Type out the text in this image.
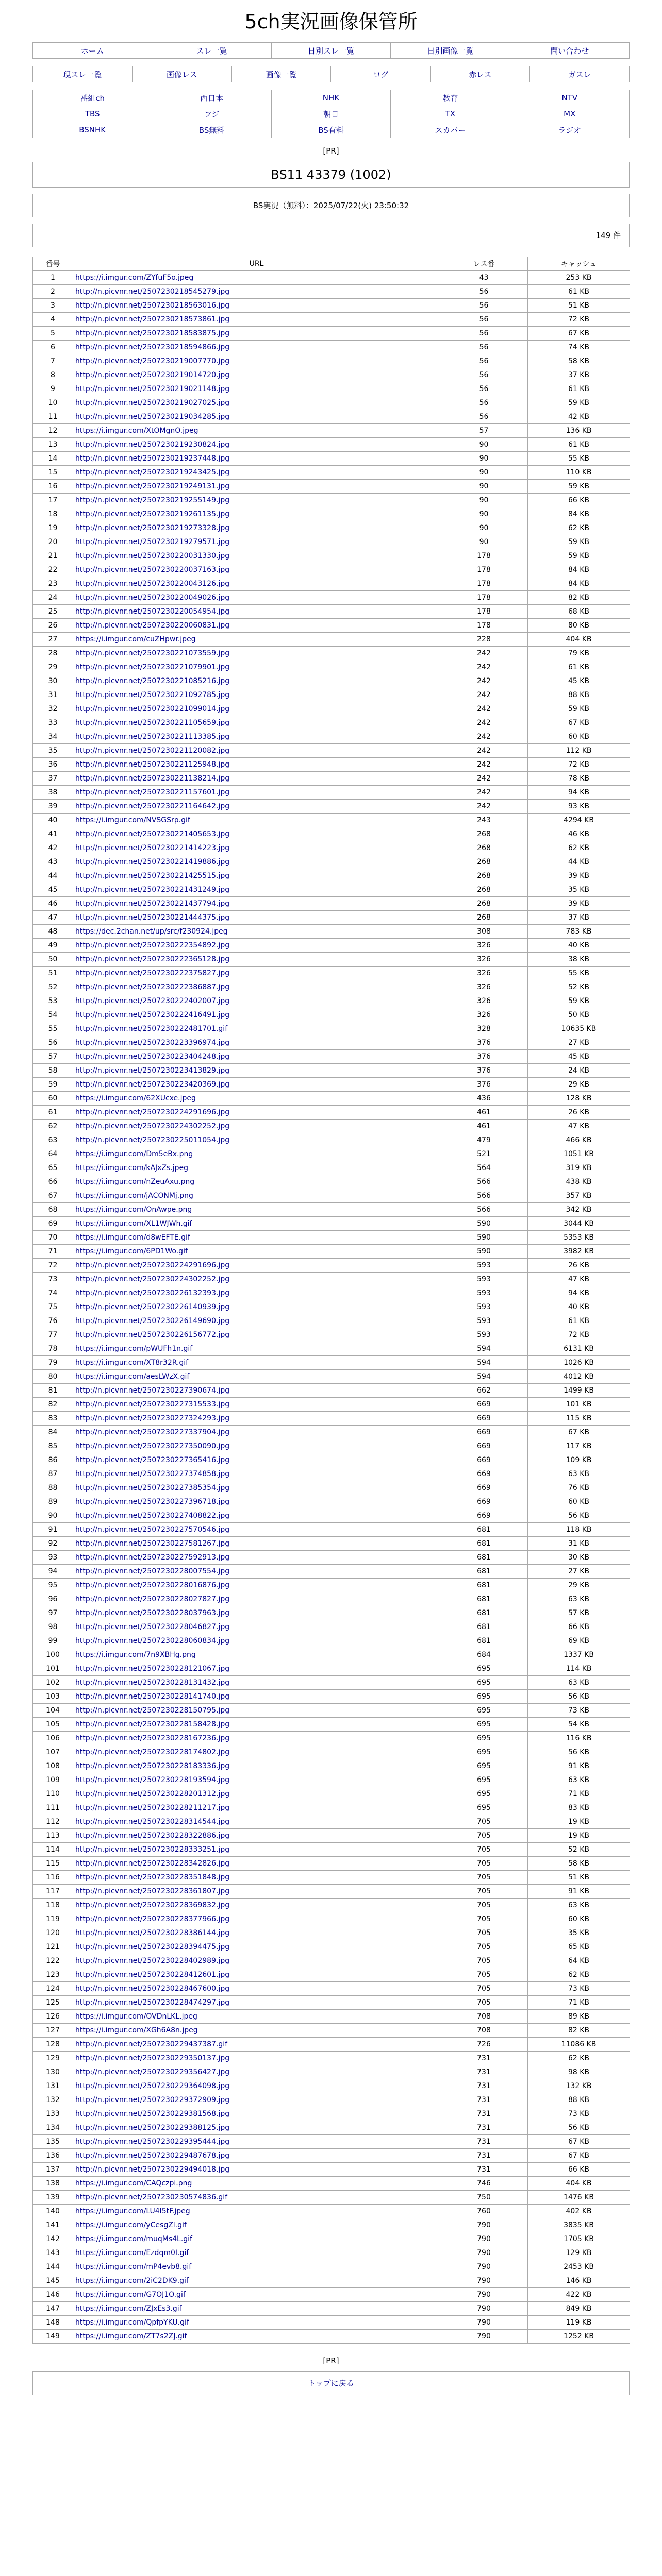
5ch実況画像保管所
ホーム	スレ一覧	日別スレ一覧	日別画像一覧	問い合わせ
現スレ一覧	画像レス	画像一覧	ログ	赤レス	ガスレ
番組ch	西日本	NHK	教育	NTV
TBS	フジ	朝日	TX	MX
BSNHK	BS無料	BS有料	スカパー	ラジオ
[PR]
BS11 43379 (1002)
BS実況（無料）：2025/07/22(火) 23:50:32
149 件
番号	URL	レス番	キャッシュ
1	https://i.imgur.com/ZYfuF5o.jpeg	43	253 KB
2	http://n.picvnr.net/2507230218545279.jpg	56	61 KB
3	http://n.picvnr.net/2507230218563016.jpg	56	51 KB
4	http://n.picvnr.net/2507230218573861.jpg	56	72 KB
5	http://n.picvnr.net/2507230218583875.jpg	56	67 KB
6	http://n.picvnr.net/2507230218594866.jpg	56	74 KB
7	http://n.picvnr.net/2507230219007770.jpg	56	58 KB
8	http://n.picvnr.net/2507230219014720.jpg	56	37 KB
9	http://n.picvnr.net/2507230219021148.jpg	56	61 KB
10	http://n.picvnr.net/2507230219027025.jpg	56	59 KB
11	http://n.picvnr.net/2507230219034285.jpg	56	42 KB
12	https://i.imgur.com/XtOMgnO.jpeg	57	136 KB
13	http://n.picvnr.net/2507230219230824.jpg	90	61 KB
14	http://n.picvnr.net/2507230219237448.jpg	90	55 KB
15	http://n.picvnr.net/2507230219243425.jpg	90	110 KB
16	http://n.picvnr.net/2507230219249131.jpg	90	59 KB
17	http://n.picvnr.net/2507230219255149.jpg	90	66 KB
18	http://n.picvnr.net/2507230219261135.jpg	90	84 KB
19	http://n.picvnr.net/2507230219273328.jpg	90	62 KB
20	http://n.picvnr.net/2507230219279571.jpg	90	59 KB
21	http://n.picvnr.net/2507230220031330.jpg	178	59 KB
22	http://n.picvnr.net/2507230220037163.jpg	178	84 KB
23	http://n.picvnr.net/2507230220043126.jpg	178	84 KB
24	http://n.picvnr.net/2507230220049026.jpg	178	82 KB
25	http://n.picvnr.net/2507230220054954.jpg	178	68 KB
26	http://n.picvnr.net/2507230220060831.jpg	178	80 KB
27	https://i.imgur.com/cuZHpwr.jpeg	228	404 KB
28	http://n.picvnr.net/2507230221073559.jpg	242	79 KB
29	http://n.picvnr.net/2507230221079901.jpg	242	61 KB
30	http://n.picvnr.net/2507230221085216.jpg	242	45 KB
31	http://n.picvnr.net/2507230221092785.jpg	242	88 KB
32	http://n.picvnr.net/2507230221099014.jpg	242	59 KB
33	http://n.picvnr.net/2507230221105659.jpg	242	67 KB
34	http://n.picvnr.net/2507230221113385.jpg	242	60 KB
35	http://n.picvnr.net/2507230221120082.jpg	242	112 KB
36	http://n.picvnr.net/2507230221125948.jpg	242	72 KB
37	http://n.picvnr.net/2507230221138214.jpg	242	78 KB
38	http://n.picvnr.net/2507230221157601.jpg	242	94 KB
39	http://n.picvnr.net/2507230221164642.jpg	242	93 KB
40	https://i.imgur.com/NVSGSrp.gif	243	4294 KB
41	http://n.picvnr.net/2507230221405653.jpg	268	46 KB
42	http://n.picvnr.net/2507230221414223.jpg	268	62 KB
43	http://n.picvnr.net/2507230221419886.jpg	268	44 KB
44	http://n.picvnr.net/2507230221425515.jpg	268	39 KB
45	http://n.picvnr.net/2507230221431249.jpg	268	35 KB
46	http://n.picvnr.net/2507230221437794.jpg	268	39 KB
47	http://n.picvnr.net/2507230221444375.jpg	268	37 KB
48	https://dec.2chan.net/up/src/f230924.jpeg	308	783 KB
49	http://n.picvnr.net/2507230222354892.jpg	326	40 KB
50	http://n.picvnr.net/2507230222365128.jpg	326	38 KB
51	http://n.picvnr.net/2507230222375827.jpg	326	55 KB
52	http://n.picvnr.net/2507230222386887.jpg	326	52 KB
53	http://n.picvnr.net/2507230222402007.jpg	326	59 KB
54	http://n.picvnr.net/2507230222416491.jpg	326	50 KB
55	http://n.picvnr.net/2507230222481701.gif	328	10635 KB
56	http://n.picvnr.net/2507230223396974.jpg	376	27 KB
57	http://n.picvnr.net/2507230223404248.jpg	376	45 KB
58	http://n.picvnr.net/2507230223413829.jpg	376	24 KB
59	http://n.picvnr.net/2507230223420369.jpg	376	29 KB
60	https://i.imgur.com/62XUcxe.jpeg	436	128 KB
61	http://n.picvnr.net/2507230224291696.jpg	461	26 KB
62	http://n.picvnr.net/2507230224302252.jpg	461	47 KB
63	http://n.picvnr.net/2507230225011054.jpg	479	466 KB
64	https://i.imgur.com/Dm5eBx.png	521	1051 KB
65	https://i.imgur.com/kAJxZs.jpeg	564	319 KB
66	https://i.imgur.com/nZeuAxu.png	566	438 KB
67	https://i.imgur.com/jACONMj.png	566	357 KB
68	https://i.imgur.com/OnAwpe.png	566	342 KB
69	https://i.imgur.com/XL1WJWh.gif	590	3044 KB
70	https://i.imgur.com/d8wEFTE.gif	590	5353 KB
71	https://i.imgur.com/6PD1Wo.gif	590	3982 KB
72	http://n.picvnr.net/2507230224291696.jpg	593	26 KB
73	http://n.picvnr.net/2507230224302252.jpg	593	47 KB
74	http://n.picvnr.net/2507230226132393.jpg	593	94 KB
75	http://n.picvnr.net/2507230226140939.jpg	593	40 KB
76	http://n.picvnr.net/2507230226149690.jpg	593	61 KB
77	http://n.picvnr.net/2507230226156772.jpg	593	72 KB
78	https://i.imgur.com/pWUFh1n.gif	594	6131 KB
79	https://i.imgur.com/XT8r32R.gif	594	1026 KB
80	https://i.imgur.com/aesLWzX.gif	594	4012 KB
81	http://n.picvnr.net/2507230227390674.jpg	662	1499 KB
82	http://n.picvnr.net/2507230227315533.jpg	669	101 KB
83	http://n.picvnr.net/2507230227324293.jpg	669	115 KB
84	http://n.picvnr.net/2507230227337904.jpg	669	67 KB
85	http://n.picvnr.net/2507230227350090.jpg	669	117 KB
86	http://n.picvnr.net/2507230227365416.jpg	669	109 KB
87	http://n.picvnr.net/2507230227374858.jpg	669	63 KB
88	http://n.picvnr.net/2507230227385354.jpg	669	76 KB
89	http://n.picvnr.net/2507230227396718.jpg	669	60 KB
90	http://n.picvnr.net/2507230227408822.jpg	669	56 KB
91	http://n.picvnr.net/2507230227570546.jpg	681	118 KB
92	http://n.picvnr.net/2507230227581267.jpg	681	31 KB
93	http://n.picvnr.net/2507230227592913.jpg	681	30 KB
94	http://n.picvnr.net/2507230228007554.jpg	681	27 KB
95	http://n.picvnr.net/2507230228016876.jpg	681	29 KB
96	http://n.picvnr.net/2507230228027827.jpg	681	63 KB
97	http://n.picvnr.net/2507230228037963.jpg	681	57 KB
98	http://n.picvnr.net/2507230228046827.jpg	681	66 KB
99	http://n.picvnr.net/2507230228060834.jpg	681	69 KB
100	https://i.imgur.com/7n9XBHg.png	684	1337 KB
101	http://n.picvnr.net/2507230228121067.jpg	695	114 KB
102	http://n.picvnr.net/2507230228131432.jpg	695	63 KB
103	http://n.picvnr.net/2507230228141740.jpg	695	56 KB
104	http://n.picvnr.net/2507230228150795.jpg	695	73 KB
105	http://n.picvnr.net/2507230228158428.jpg	695	54 KB
106	http://n.picvnr.net/2507230228167236.jpg	695	116 KB
107	http://n.picvnr.net/2507230228174802.jpg	695	56 KB
108	http://n.picvnr.net/2507230228183336.jpg	695	91 KB
109	http://n.picvnr.net/2507230228193594.jpg	695	63 KB
110	http://n.picvnr.net/2507230228201312.jpg	695	71 KB
111	http://n.picvnr.net/2507230228211217.jpg	695	83 KB
112	http://n.picvnr.net/2507230228314544.jpg	705	19 KB
113	http://n.picvnr.net/2507230228322886.jpg	705	19 KB
114	http://n.picvnr.net/2507230228333251.jpg	705	52 KB
115	http://n.picvnr.net/2507230228342826.jpg	705	58 KB
116	http://n.picvnr.net/2507230228351848.jpg	705	51 KB
117	http://n.picvnr.net/2507230228361807.jpg	705	91 KB
118	http://n.picvnr.net/2507230228369832.jpg	705	63 KB
119	http://n.picvnr.net/2507230228377966.jpg	705	60 KB
120	http://n.picvnr.net/2507230228386144.jpg	705	35 KB
121	http://n.picvnr.net/2507230228394475.jpg	705	65 KB
122	http://n.picvnr.net/2507230228402989.jpg	705	64 KB
123	http://n.picvnr.net/2507230228412601.jpg	705	62 KB
124	http://n.picvnr.net/2507230228467600.jpg	705	73 KB
125	http://n.picvnr.net/2507230228474297.jpg	705	71 KB
126	https://i.imgur.com/OVDnLKL.jpeg	708	89 KB
127	https://i.imgur.com/XGh6A8n.jpeg	708	82 KB
128	http://n.picvnr.net/2507230229437387.gif	726	11086 KB
129	http://n.picvnr.net/2507230229350137.jpg	731	62 KB
130	http://n.picvnr.net/2507230229356427.jpg	731	98 KB
131	http://n.picvnr.net/2507230229364098.jpg	731	132 KB
132	http://n.picvnr.net/2507230229372909.jpg	731	88 KB
133	http://n.picvnr.net/2507230229381568.jpg	731	73 KB
134	http://n.picvnr.net/2507230229388125.jpg	731	56 KB
135	http://n.picvnr.net/2507230229395444.jpg	731	67 KB
136	http://n.picvnr.net/2507230229487678.jpg	731	67 KB
137	http://n.picvnr.net/2507230229494018.jpg	731	66 KB
138	https://i.imgur.com/CAQczpi.png	746	404 KB
139	http://n.picvnr.net/2507230230574836.gif	750	1476 KB
140	https://i.imgur.com/LU4I5tF.jpeg	760	402 KB
141	https://i.imgur.com/yCesgZl.gif	790	3835 KB
142	https://i.imgur.com/muqMs4L.gif	790	1705 KB
143	https://i.imgur.com/Ezdqm0I.gif	790	129 KB
144	https://i.imgur.com/mP4evb8.gif	790	2453 KB
145	https://i.imgur.com/2iC2DK9.gif	790	146 KB
146	https://i.imgur.com/G7OJ1O.gif	790	422 KB
147	https://i.imgur.com/ZJxEs3.gif	790	849 KB
148	https://i.imgur.com/QpfpYKU.gif	790	119 KB
149	https://i.imgur.com/ZT7s2ZJ.gif	790	1252 KB
[PR]
トップに戻る
